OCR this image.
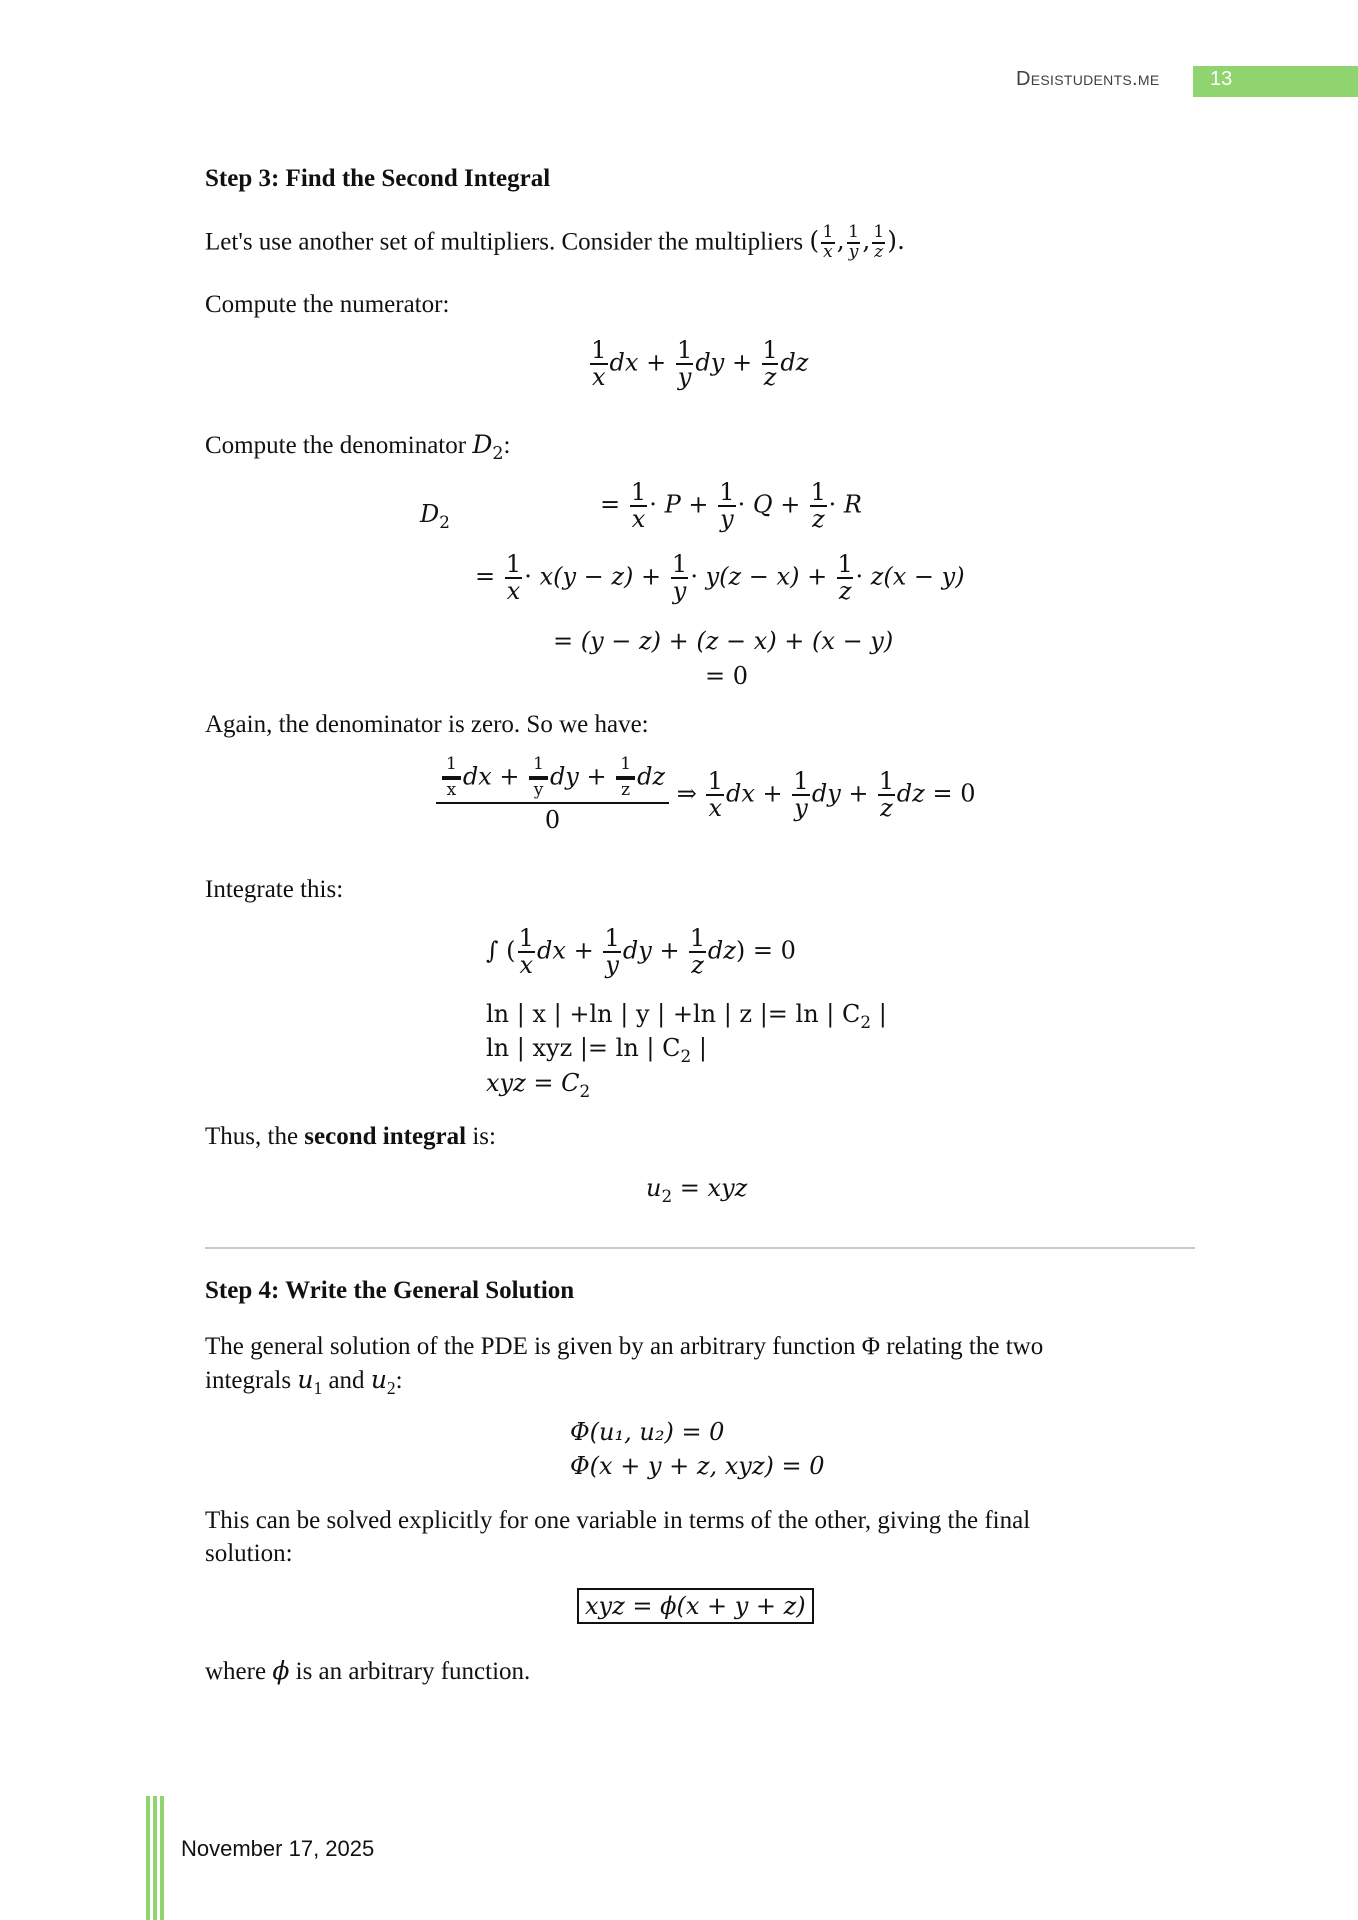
Desistudents.me	13
Step 3: Find the Second Integral
Let's use another set of multipliers. Consider the multipliers ( $\frac{1}{x}$ , $\frac{1}{y}$ , $\frac{1}{z}$ ).
Compute the numerator:
$\frac{1}{x}$ dx + $\frac{1}{y}$ dy + $\frac{1}{z}$ dz
Compute the denominator $D_2$:
$D_2$
= $\frac{1}{x} \cdot P + \frac{1}{y} \cdot Q + \frac{1}{z} \cdot R$
= $\frac{1}{x} \cdot x(y - z) + \frac{1}{y} \cdot y(z - x) + \frac{1}{z} \cdot z(x - y)$
= (y − z) + (z − x) + (x − y)
= 0
Again, the denominator is zero. So we have:
$\frac{1}{x}$ dx + $\frac{1}{y}$ dy + $\frac{1}{z}$ dz
0
⇒ $\frac{1}{x}$ dx + $\frac{1}{y}$ dy + $\frac{1}{z}$ dz = 0
Integrate this:
∫ ( $\frac{1}{x}$ dx + $\frac{1}{y}$ dy + $\frac{1}{z} dz) = 0$
ln | x | +ln | y | +ln | z |= ln | $C_2$ |
ln | xyz |= ln | $C_2$ |
xyz = $C_2$
Thus, the second integral is:
$u_2$ = xyz
Step 4: Write the General Solution
The general solution of the PDE is given by an arbitrary function Φ relating the two
integrals $u_1$ and $u_2$:
Φ(u₁, u₂) = 0
Φ(x + y + z, xyz) = 0
This can be solved explicitly for one variable in terms of the other, giving the final
solution:
xyz = ϕ(x + y + z)
where ϕ is an arbitrary function.
November 17, 2025
